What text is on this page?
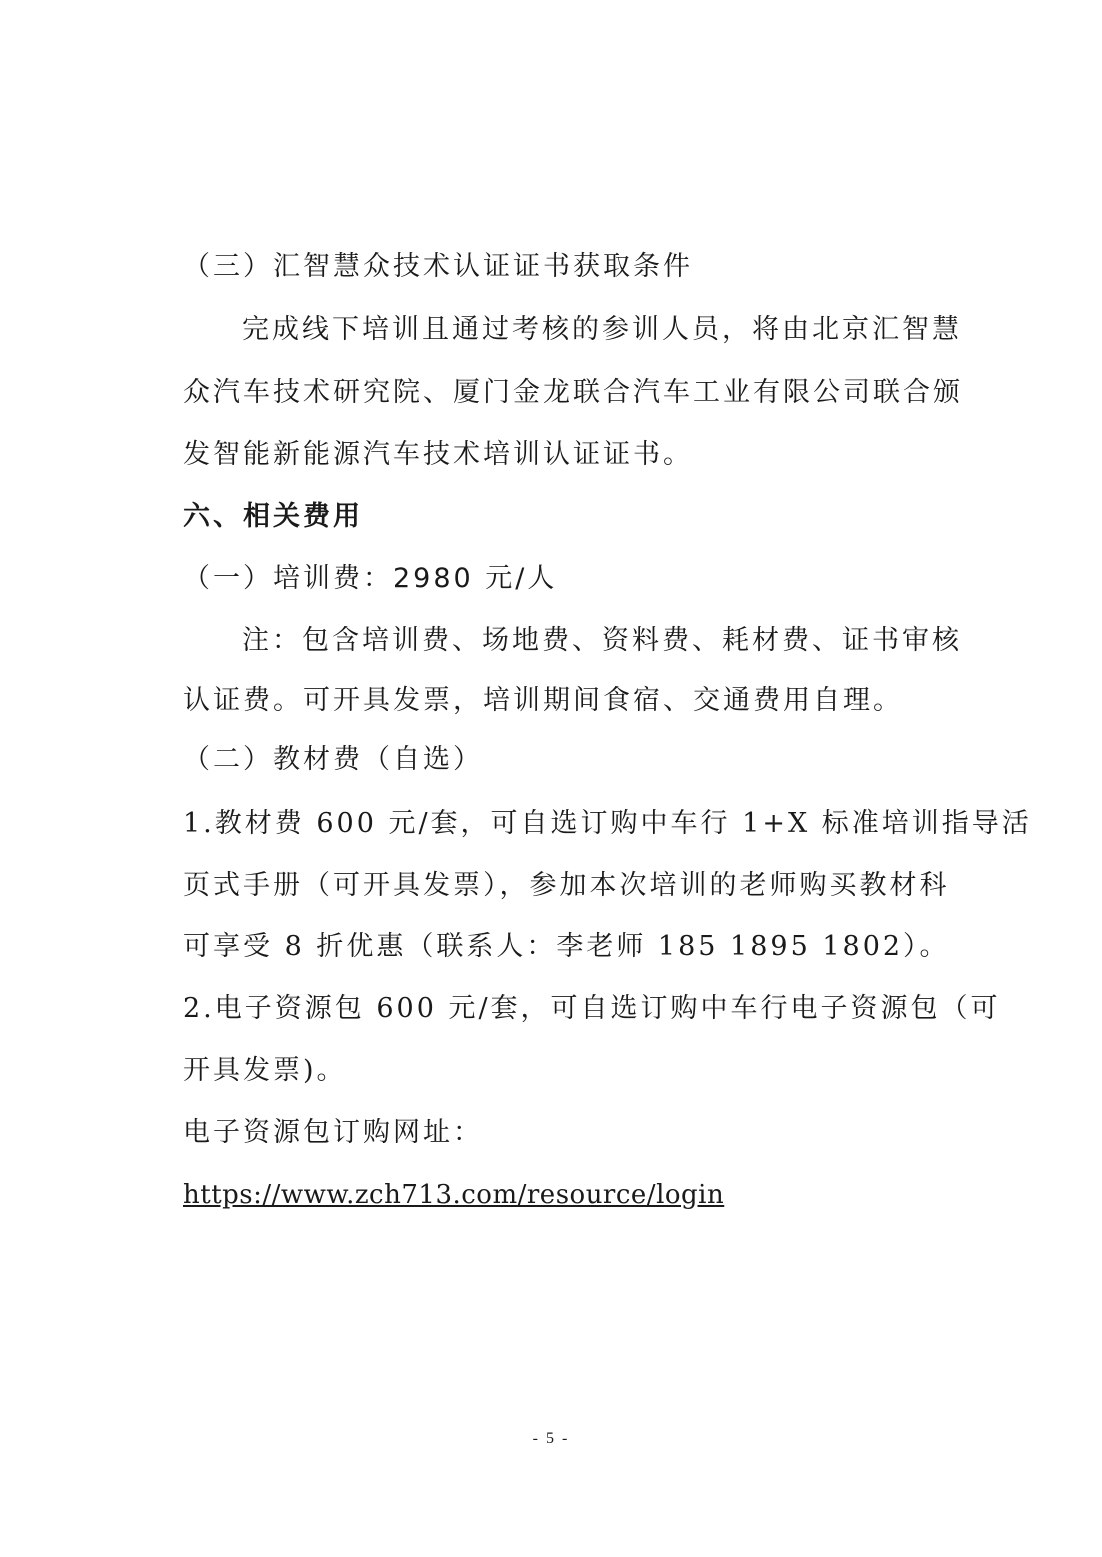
（三）汇智慧众技术认证证书获取条件
完成线下培训且通过考核的参训人员，将由北京汇智慧
众汽车技术研究院、厦门金龙联合汽车工业有限公司联合颁
发智能新能源汽车技术培训认证证书。
六、相关费用
（一）培训费：2980 元/人
注：包含培训费、场地费、资料费、耗材费、证书审核
认证费。可开具发票，培训期间食宿、交通费用自理。
（二）教材费（自选）
1.教材费 600 元/套，可自选订购中车行 1+X 标准培训指导活
页式手册（可开具发票），参加本次培训的老师购买教材科
可享受 8 折优惠（联系人：李老师 185 1895 1802）。
2.电子资源包 600 元/套，可自选订购中车行电子资源包（可
开具发票)。
电子资源包订购网址：
https://www.zch713.com/resource/login
- 5 -
